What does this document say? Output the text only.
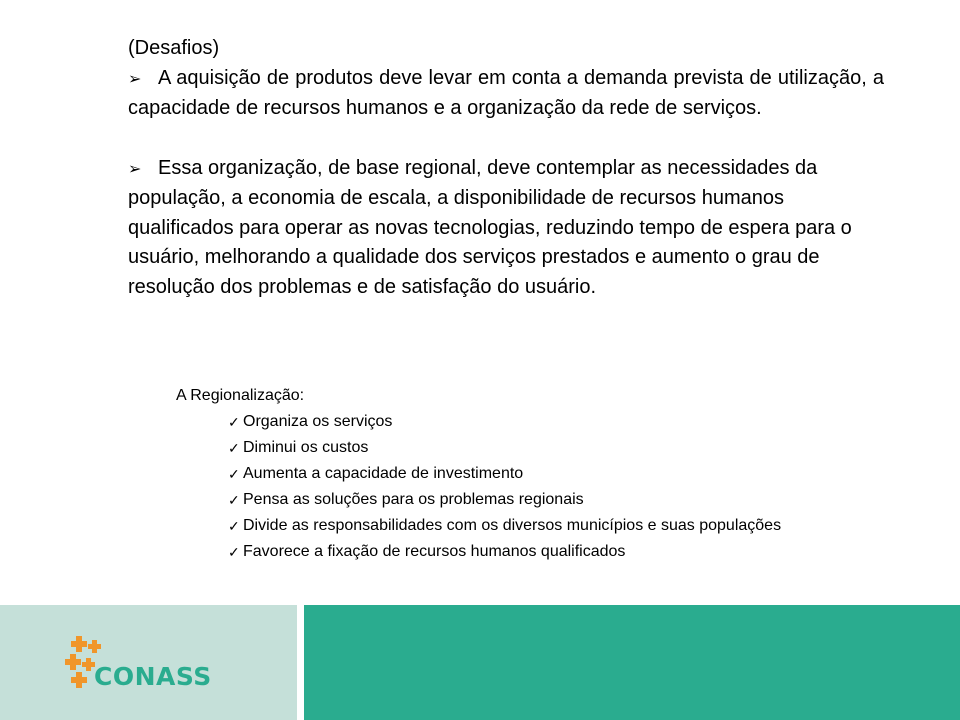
(Desafios)

➢ A aquisição de produtos deve levar em conta a demanda prevista de utilização, a capacidade de recursos humanos e a organização da rede de serviços.

➢ Essa organização, de base regional, deve contemplar as necessidades da população, a economia de escala, a disponibilidade de recursos humanos qualificados para operar as novas tecnologias, reduzindo tempo de espera para o usuário, melhorando a qualidade dos serviços prestados e aumento o grau de resolução dos problemas e de satisfação do usuário.

A Regionalização:

✓ Organiza os serviços
✓ Diminui os custos
✓ Aumenta a capacidade de investimento
✓ Pensa as soluções para os problemas regionais
✓ Divide as responsabilidades com os diversos municípios e suas populações
✓ Favorece a fixação de recursos humanos qualificados
CONASS
